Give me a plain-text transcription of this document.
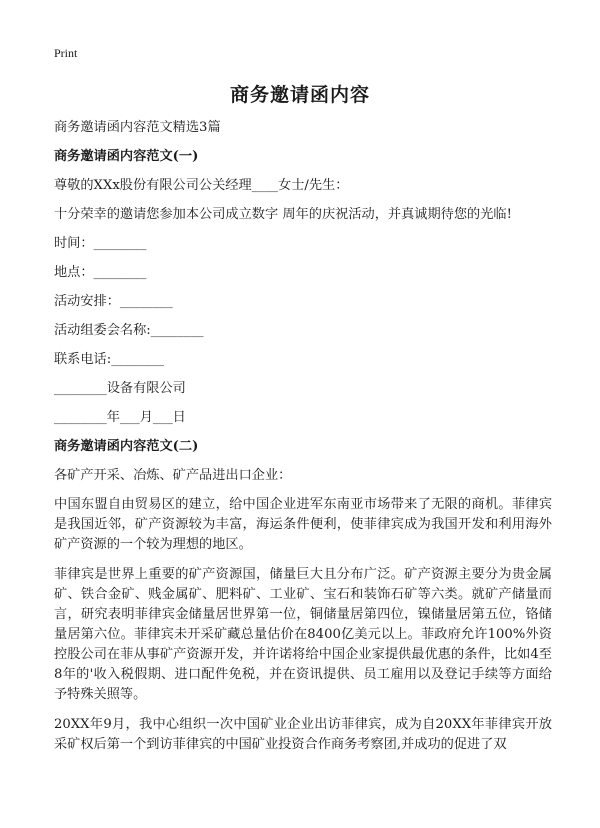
Print
商务邀请函内容

商务邀请函内容范文精选3篇

商务邀请函内容范文(一)

尊敬的XXx股份有限公司公关经理____女士/先生：

十分荣幸的邀请您参加本公司成立数字 周年的庆祝活动，并真诚期待您的光临!

时间：________

地点：________

活动安排：________

活动组委会名称:________

联系电话:________

________设备有限公司

________年___月___日

商务邀请函内容范文(二)

各矿产开采、冶炼、矿产品进出口企业：

中国东盟自由贸易区的建立，给中国企业进军东南亚市场带来了无限的商机。菲律宾是我国近邻，矿产资源较为丰富，海运条件便利，使菲律宾成为我国开发和利用海外矿产资源的一个较为理想的地区。

菲律宾是世界上重要的矿产资源国，储量巨大且分布广泛。矿产资源主要分为贵金属矿、铁合金矿、贱金属矿、肥料矿、工业矿、宝石和装饰石矿等六类。就矿产储量而言，研究表明菲律宾金储量居世界第一位，铜储量居第四位，镍储量居第五位，铬储量居第六位。菲律宾未开采矿藏总量估价在8400亿美元以上。菲政府允许100%外资控股公司在菲从事矿产资源开发，并许诺将给中国企业家提供最优惠的条件，比如4至8年的'收入税假期、进口配件免税，并在资讯提供、员工雇用以及登记手续等方面给予特殊关照等。

20XX年9月，我中心组织一次中国矿业企业出访菲律宾，成为自20XX年菲律宾开放采矿权后第一个到访菲律宾的中国矿业投资合作商务考察团,并成功的促进了双
